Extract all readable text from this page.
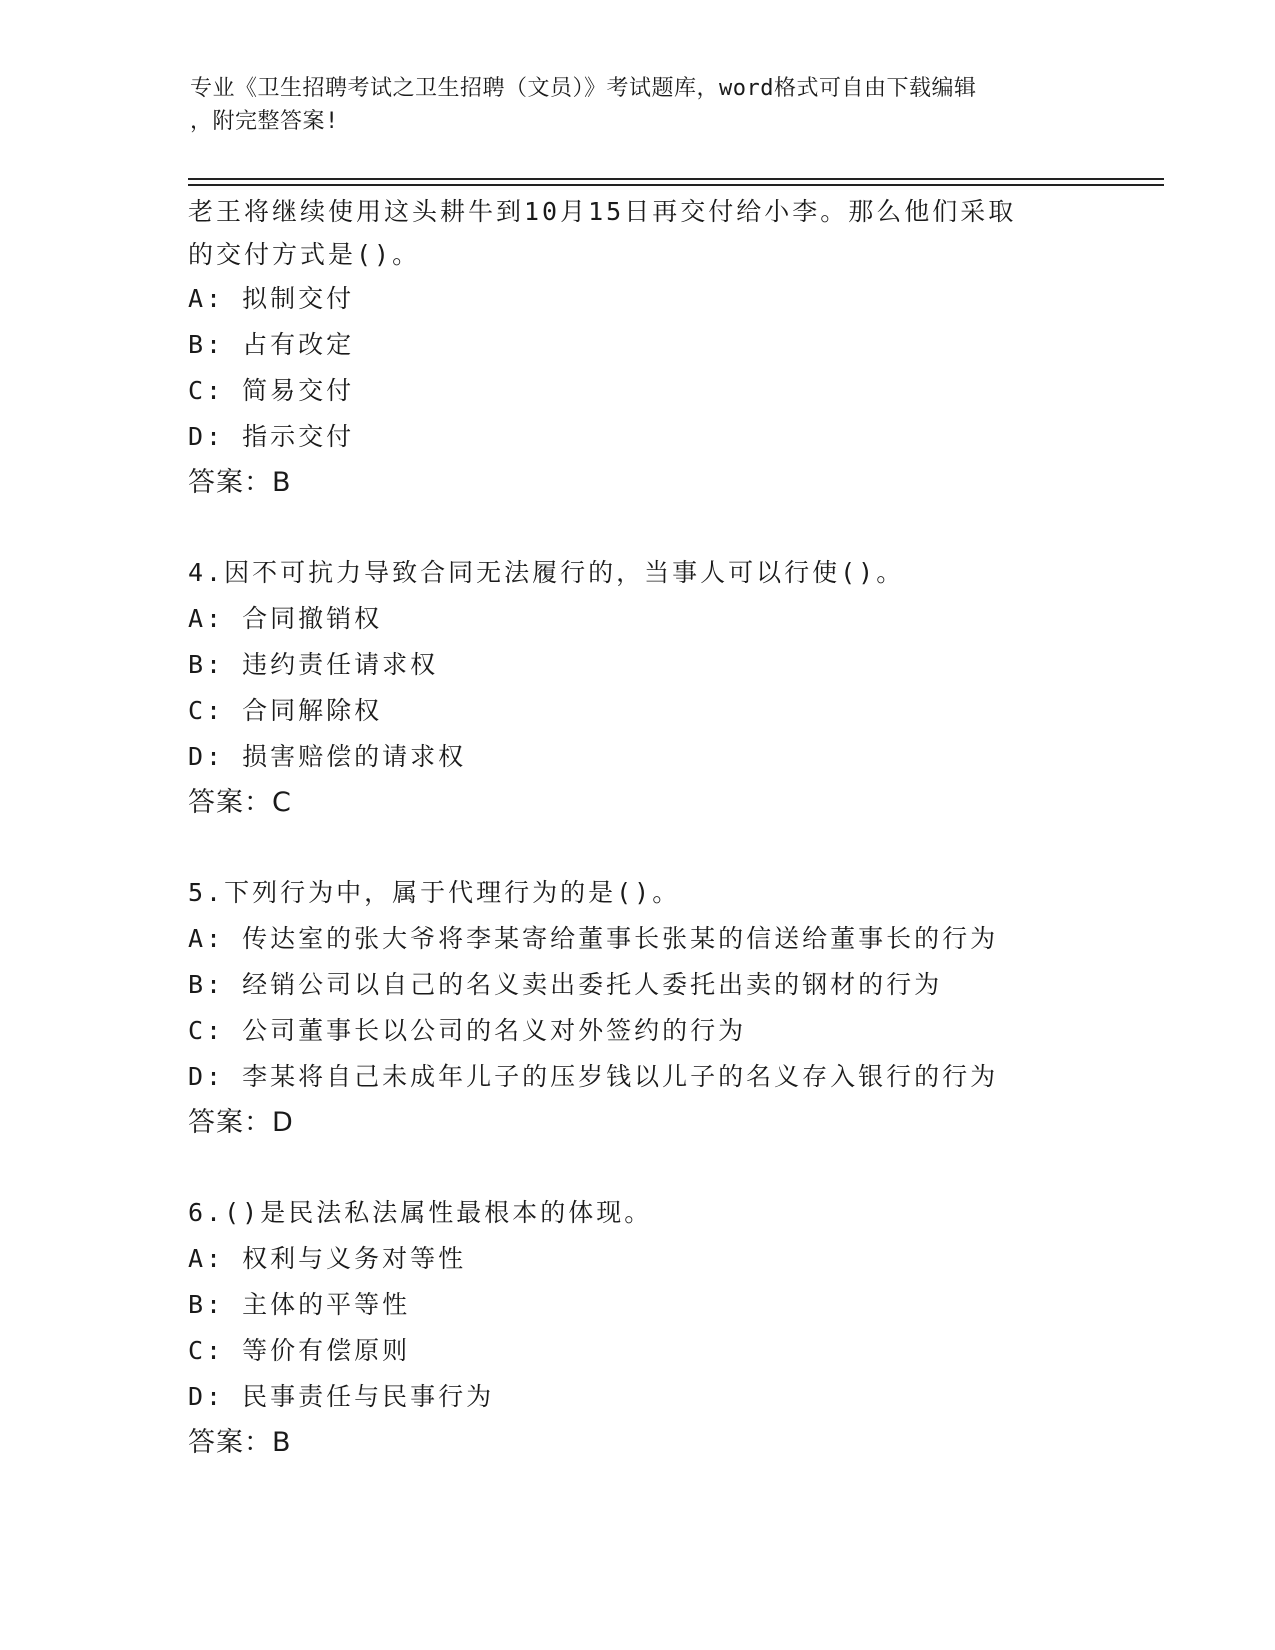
专业《卫生招聘考试之卫生招聘（文员）》考试题库，word格式可自由下载编辑
，附完整答案!
老王将继续使用这头耕牛到10月15日再交付给小李。那么他们采取
的交付方式是()。
A: 拟制交付
B: 占有改定
C: 简易交付
D: 指示交付
答案：B
4.因不可抗力导致合同无法履行的，当事人可以行使()。
A: 合同撤销权
B: 违约责任请求权
C: 合同解除权
D: 损害赔偿的请求权
答案：C
5.下列行为中，属于代理行为的是()。
A: 传达室的张大爷将李某寄给董事长张某的信送给董事长的行为
B: 经销公司以自己的名义卖出委托人委托出卖的钢材的行为
C: 公司董事长以公司的名义对外签约的行为
D: 李某将自己未成年儿子的压岁钱以儿子的名义存入银行的行为
答案：D
6.()是民法私法属性最根本的体现。
A: 权利与义务对等性
B: 主体的平等性
C: 等价有偿原则
D: 民事责任与民事行为
答案：B
